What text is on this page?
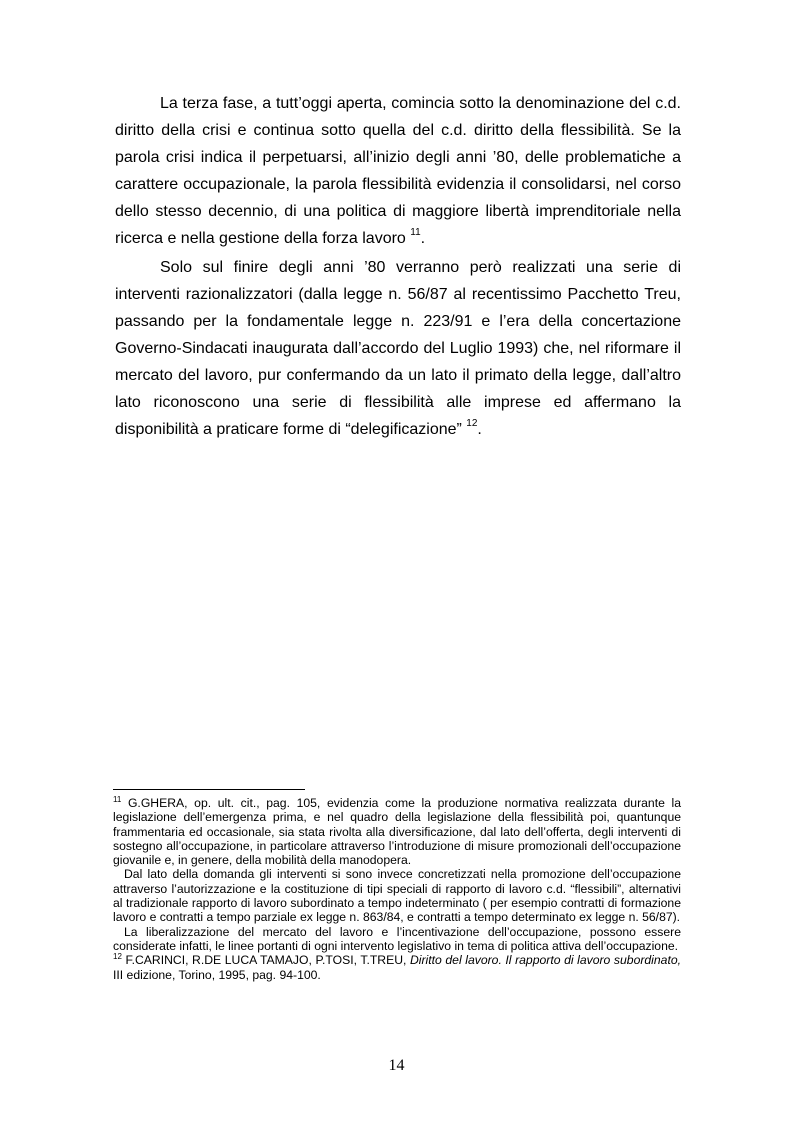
La terza fase, a tutt’oggi aperta, comincia sotto la denominazione del c.d. diritto della crisi e continua sotto quella del c.d. diritto della flessibilità. Se la parola crisi indica il perpetuarsi, all’inizio degli anni ’80, delle problematiche a carattere occupazionale, la parola flessibilità evidenzia il consolidarsi, nel corso dello stesso decennio, di una politica di maggiore libertà imprenditoriale nella ricerca e nella gestione della forza lavoro $^{11}$.

Solo sul finire degli anni ’80 verranno però realizzati una serie di interventi razionalizzatori (dalla legge n. 56/87 al recentissimo Pacchetto Treu, passando per la fondamentale legge n. 223/91 e l’era della concertazione Governo-Sindacati inaugurata dall’accordo del Luglio 1993) che, nel riformare il mercato del lavoro, pur confermando da un lato il primato della legge, dall’altro lato riconoscono una serie di flessibilità alle imprese ed affermano la disponibilità a praticare forme di “delegificazione” $^{12}$.

$^{11}$ G.GHERA, op. ult. cit., pag. 105, evidenzia come la produzione normativa realizzata durante la legislazione dell’emergenza prima, e nel quadro della legislazione della flessibilità poi, quantunque frammentaria ed occasionale, sia stata rivolta alla diversificazione, dal lato dell’offerta, degli interventi di sostegno all’occupazione, in particolare attraverso l’introduzione di misure promozionali dell’occupazione giovanile e, in genere, della mobilità della manodopera.

Dal lato della domanda gli interventi si sono invece concretizzati nella promozione dell’occupazione attraverso l’autorizzazione e la costituzione di tipi speciali di rapporto di lavoro c.d. “flessibili”, alternativi al tradizionale rapporto di lavoro subordinato a tempo indeterminato ( per esempio contratti di formazione lavoro e contratti a tempo parziale ex legge n. 863/84, e contratti a tempo determinato ex legge n. 56/87).

La liberalizzazione del mercato del lavoro e l’incentivazione dell’occupazione, possono essere considerate infatti, le linee portanti di ogni intervento legislativo in tema di politica attiva dell’occupazione.

$^{12}$ F.CARINCI, R.DE LUCA TAMAJO, P.TOSI, T.TREU, Diritto del lavoro. Il rapporto di lavoro subordinato, III edizione, Torino, 1995, pag. 94-100.

14
